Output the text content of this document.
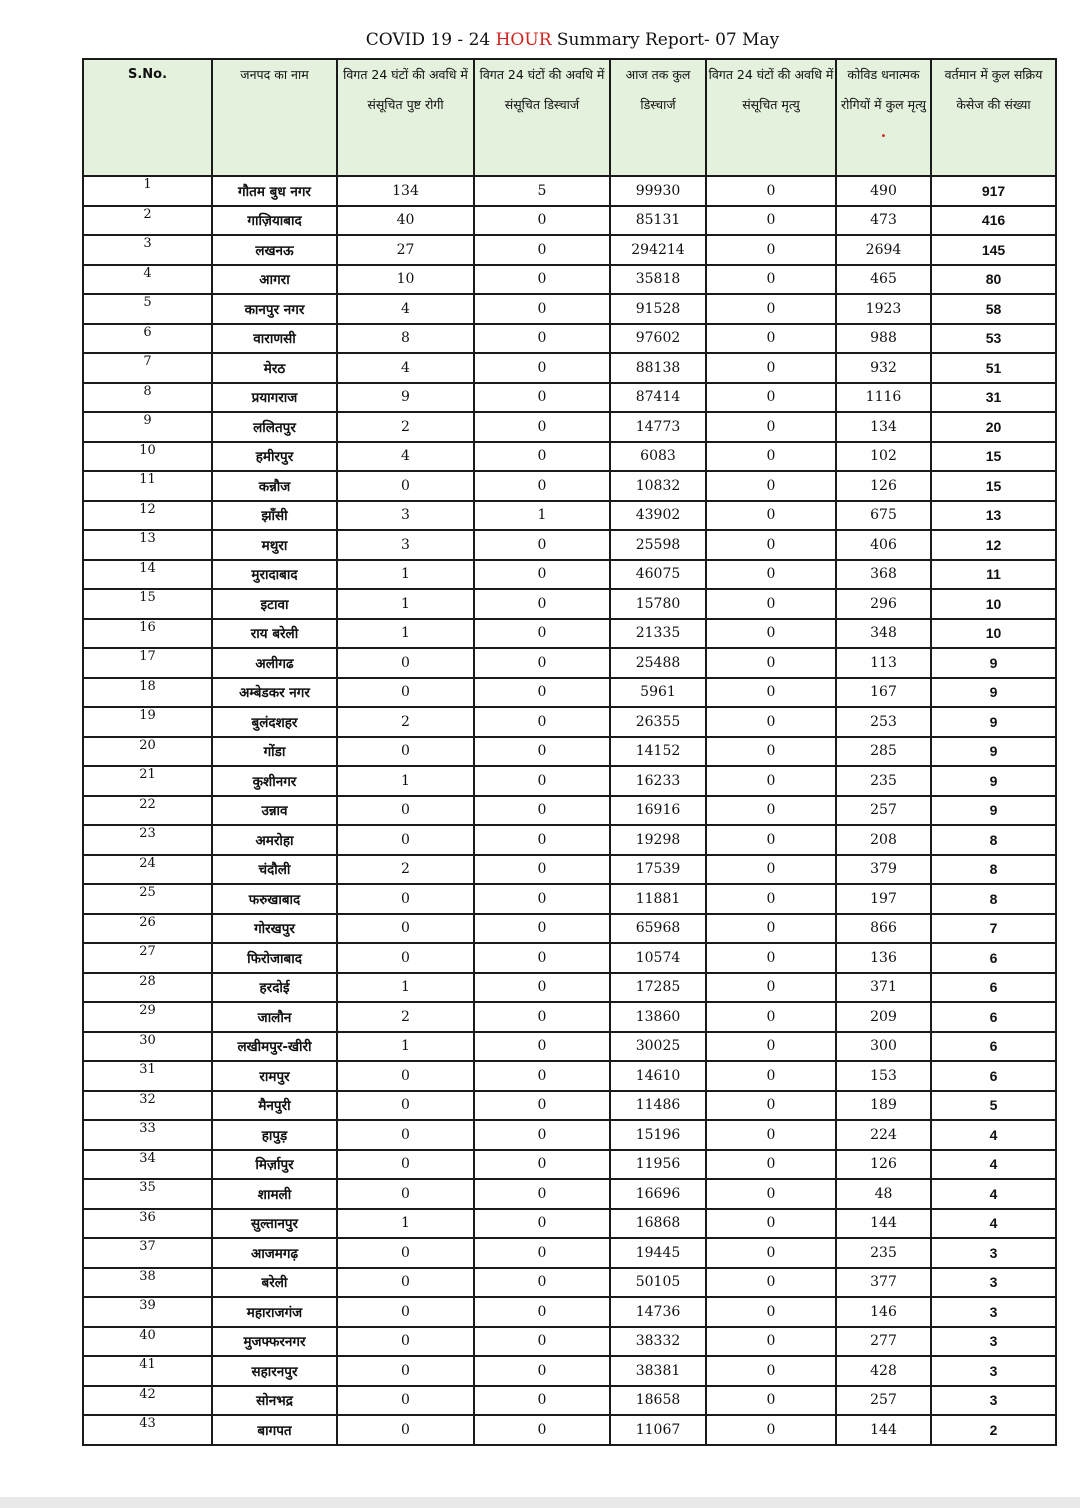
COVID 19 - 24 HOUR Summary Report- 07 May
S.No.	जनपद का नाम	विगत 24 घंटों की अवधि में संसूचित पुष्ट रोगी	विगत 24 घंटों की अवधि में संसूचित डिस्चार्ज	आज तक कुल डिस्चार्ज	विगत 24 घंटों की अवधि में संसूचित मृत्यु	कोविड धनात्मक रोगियों में कुल मृत्यु •	वर्तमान में कुल सक्रिय केसेज की संख्या
1	गौतम बुध नगर	134	5	99930	0	490	917
2	गाज़ियाबाद	40	0	85131	0	473	416
3	लखनऊ	27	0	294214	0	2694	145
4	आगरा	10	0	35818	0	465	80
5	कानपुर नगर	4	0	91528	0	1923	58
6	वाराणसी	8	0	97602	0	988	53
7	मेरठ	4	0	88138	0	932	51
8	प्रयागराज	9	0	87414	0	1116	31
9	ललितपुर	2	0	14773	0	134	20
10	हमीरपुर	4	0	6083	0	102	15
11	कन्नौज	0	0	10832	0	126	15
12	झाँसी	3	1	43902	0	675	13
13	मथुरा	3	0	25598	0	406	12
14	मुरादाबाद	1	0	46075	0	368	11
15	इटावा	1	0	15780	0	296	10
16	राय बरेली	1	0	21335	0	348	10
17	अलीगढ	0	0	25488	0	113	9
18	अम्बेडकर नगर	0	0	5961	0	167	9
19	बुलंदशहर	2	0	26355	0	253	9
20	गोंडा	0	0	14152	0	285	9
21	कुशीनगर	1	0	16233	0	235	9
22	उन्नाव	0	0	16916	0	257	9
23	अमरोहा	0	0	19298	0	208	8
24	चंदौली	2	0	17539	0	379	8
25	फरुखाबाद	0	0	11881	0	197	8
26	गोरखपुर	0	0	65968	0	866	7
27	फिरोजाबाद	0	0	10574	0	136	6
28	हरदोई	1	0	17285	0	371	6
29	जालौन	2	0	13860	0	209	6
30	लखीमपुर-खीरी	1	0	30025	0	300	6
31	रामपुर	0	0	14610	0	153	6
32	मैनपुरी	0	0	11486	0	189	5
33	हापुड़	0	0	15196	0	224	4
34	मिर्ज़ापुर	0	0	11956	0	126	4
35	शामली	0	0	16696	0	48	4
36	सुल्तानपुर	1	0	16868	0	144	4
37	आजमगढ़	0	0	19445	0	235	3
38	बरेली	0	0	50105	0	377	3
39	महाराजगंज	0	0	14736	0	146	3
40	मुजफ्फरनगर	0	0	38332	0	277	3
41	सहारनपुर	0	0	38381	0	428	3
42	सोनभद्र	0	0	18658	0	257	3
43	बागपत	0	0	11067	0	144	2
